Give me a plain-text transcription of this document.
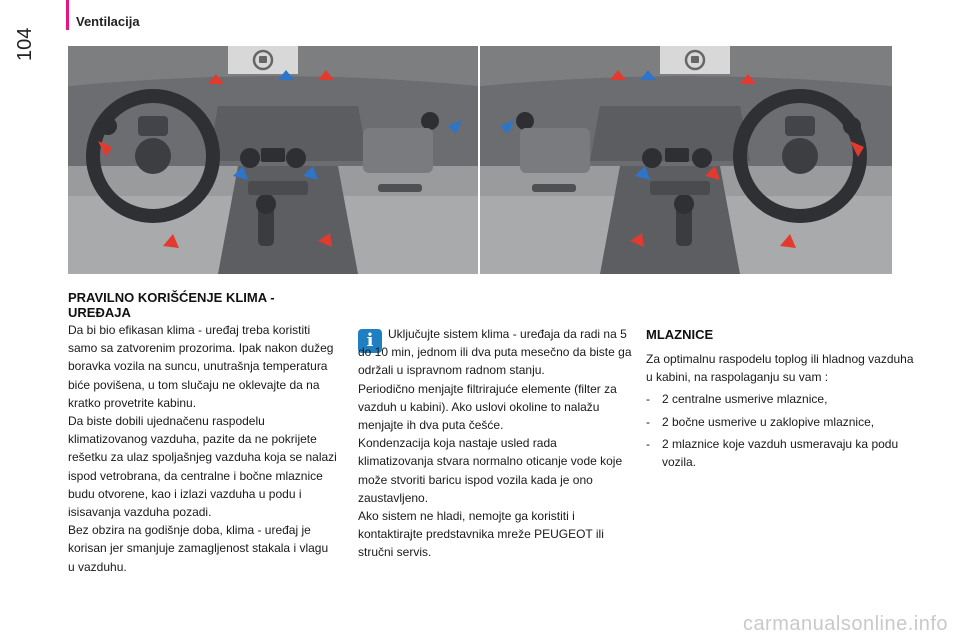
104
Ventilacija
PRAVILNO KORIŠĆENJE KLIMA - UREĐAJA

Da bi bio efikasan klima - uređaj treba koristiti samo sa zatvorenim prozorima. Ipak nakon dužeg boravka vozila na suncu, unutrašnja temperatura biće povišena, u tom slučaju ne oklevajte da na kratko provetrite kabinu.

Da biste dobili ujednačenu raspodelu klimatizovanog vazduha, pazite da ne pokrijete rešetku za ulaz spoljašnjeg vazduha koja se nalazi ispod vetrobrana, da centralne i bočne mlaznice budu otvorene, kao i izlazi vazduha u podu i isisavanja vazduha pozadi.

Bez obzira na godišnje doba, klima - uređaj je korisan jer smanjuje zamagljenost stakala i vlagu u vazduhu.

i	Uključujte sistem klima - uređaja da radi na 5 do 10 min, jednom ili dva puta mesečno da biste ga održali u ispravnom radnom stanju.

Periodično menjajte filtrirajuće elemente (filter za vazduh u kabini). Ako uslovi okoline to nalažu menjajte ih dva puta češće.

Kondenzacija koja nastaje usled rada klimatizovanja stvara normalno oticanje vode koje može stvoriti baricu ispod vozila kada je ono zaustavljeno.

Ako sistem ne hladi, nemojte ga koristiti i kontaktirajte predstavnika mreže PEUGEOT ili stručni servis.

MLAZNICE

Za optimalnu raspodelu toplog ili hladnog vazduha u kabini, na raspolaganju su vam :

-	2 centralne usmerive mlaznice,
-	2 bočne usmerive u zaklopive mlaznice,
-	2 mlaznice koje vazduh usmeravaju ka podu vozila.
carmanualsonline.info
